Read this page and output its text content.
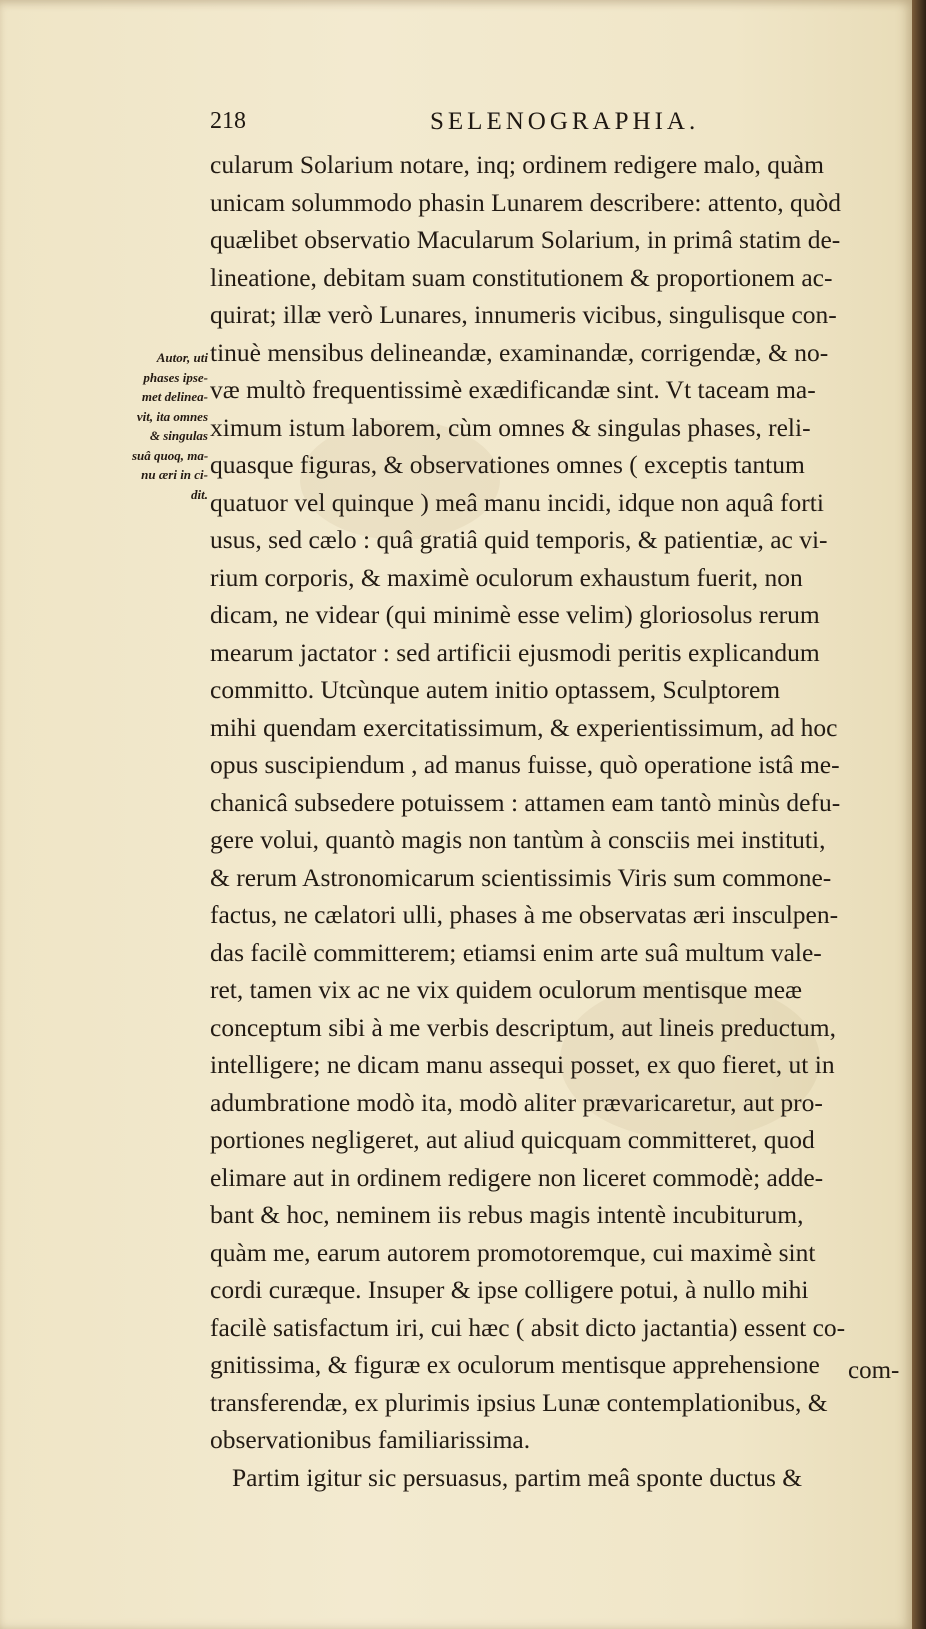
218	SELENOGRAPHIA.
Autor, uti
phases ipse-
met delinea-
vit, ita omnes
& singulas
suâ quoq, ma-
nu æri in ci-
dit.
cularum Solarium notare, inq; ordinem redigere malo, quàm
unicam solummodo phasin Lunarem describere: attento, quòd
quælibet observatio Macularum Solarium, in primâ statim de-
lineatione, debitam suam constitutionem & proportionem ac-
quirat; illæ verò Lunares, innumeris vicibus, singulisque con-
tinuè mensibus delineandæ, examinandæ, corrigendæ, & no-
væ multò frequentissimè exædificandæ sint. Vt taceam ma-
ximum istum laborem, cùm omnes & singulas phases, reli-
quasque figuras, & observationes omnes ( exceptis tantum
quatuor vel quinque ) meâ manu incidi, idque non aquâ forti
usus, sed cælo : quâ gratiâ quid temporis, & patientiæ, ac vi-
rium corporis, & maximè oculorum exhaustum fuerit, non
dicam, ne videar (qui minimè esse velim) gloriosolus rerum
mearum jactator : sed artificii ejusmodi peritis explicandum
committo. Utcùnque autem initio optassem, Sculptorem
mihi quendam exercitatissimum, & experientissimum, ad hoc
opus suscipiendum , ad manus fuisse, quò operatione istâ me-
chanicâ subsedere potuissem : attamen eam tantò minùs defu-
gere volui, quantò magis non tantùm à consciis mei instituti,
& rerum Astronomicarum scientissimis Viris sum commone-
factus, ne cælatori ulli, phases à me observatas æri insculpen-
das facilè committerem; etiamsi enim arte suâ multum vale-
ret, tamen vix ac ne vix quidem oculorum mentisque meæ
conceptum sibi à me verbis descriptum, aut lineis preductum,
intelligere; ne dicam manu assequi posset, ex quo fieret, ut in
adumbratione modò ita, modò aliter prævaricaretur, aut pro-
portiones negligeret, aut aliud quicquam committeret, quod
elimare aut in ordinem redigere non liceret commodè; adde-
bant & hoc, neminem iis rebus magis intentè incubiturum,
quàm me, earum autorem promotoremque, cui maximè sint
cordi curæque. Insuper & ipse colligere potui, à nullo mihi
facilè satisfactum iri, cui hæc ( absit dicto jactantia) essent co-
gnitissima, & figuræ ex oculorum mentisque apprehensione
transferendæ, ex plurimis ipsius Lunæ contemplationibus, &
observationibus familiarissima.
Partim igitur sic persuasus, partim meâ sponte ductus &
com-
